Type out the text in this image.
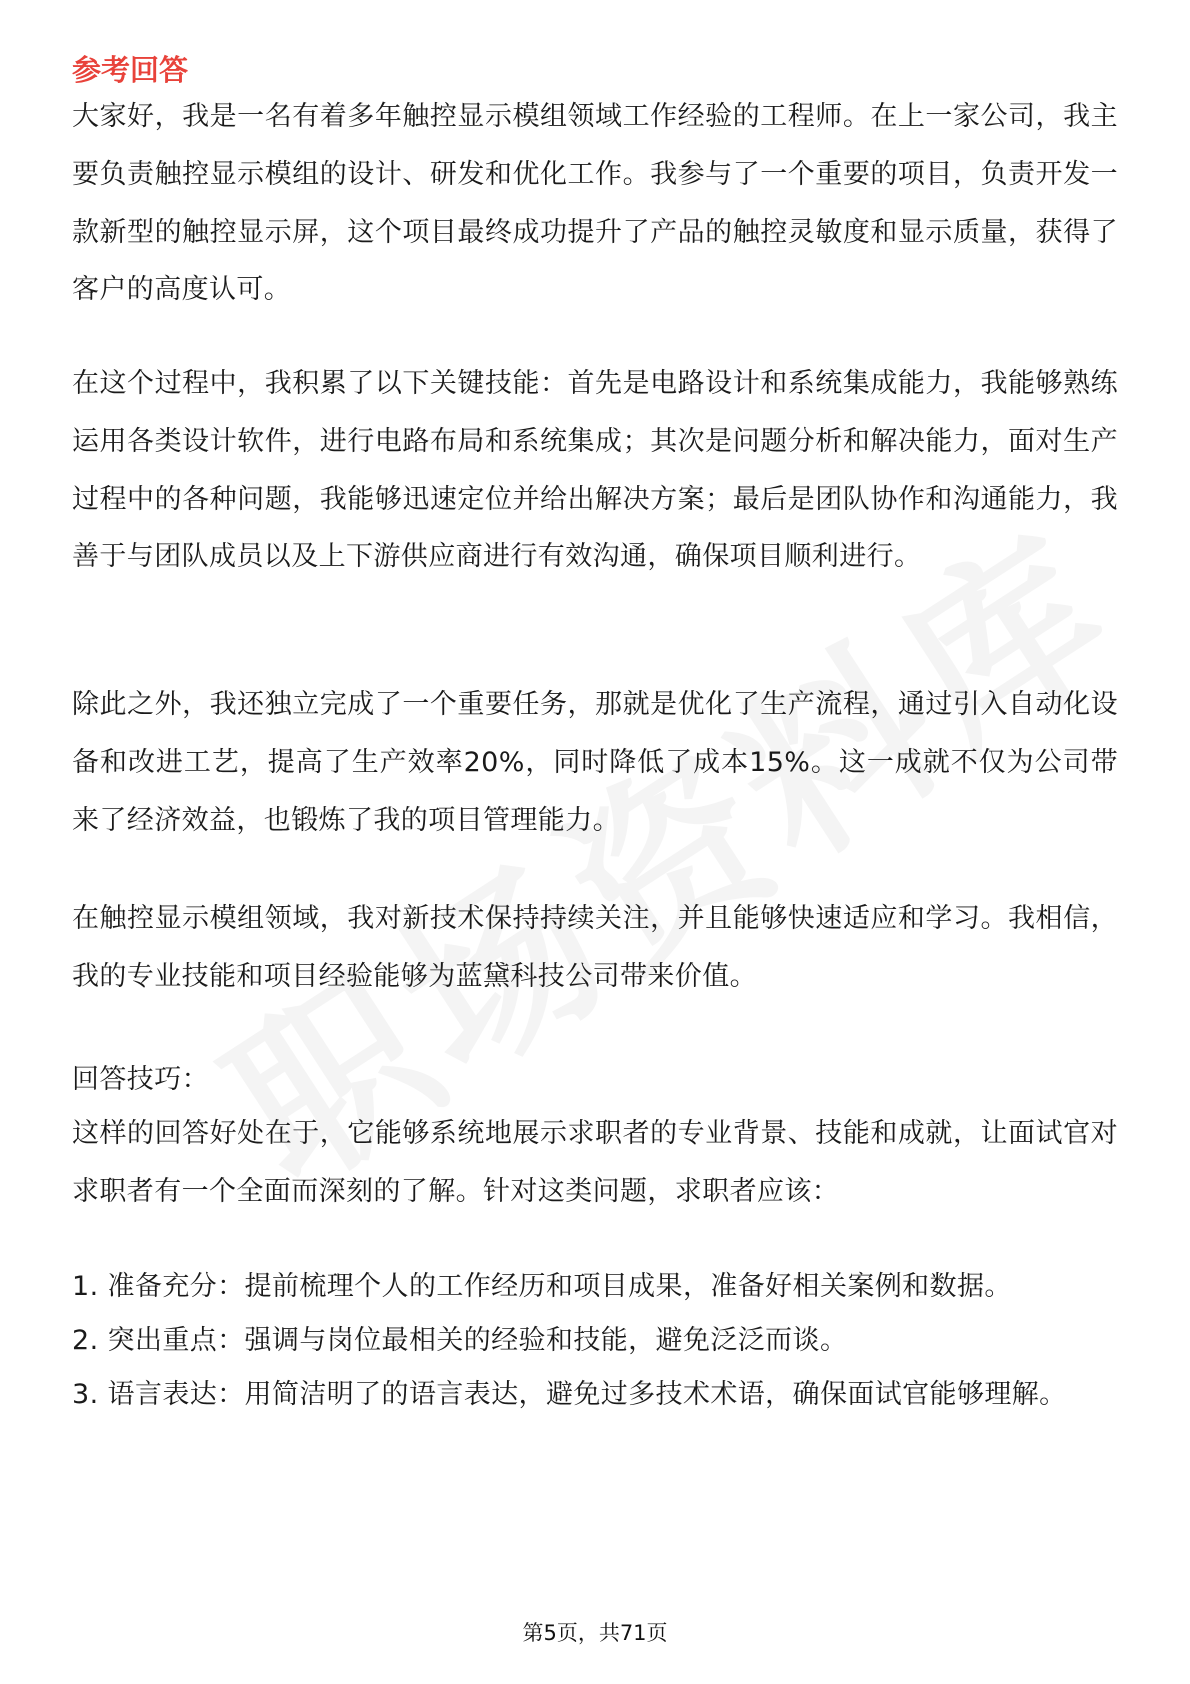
参考回答

大家好，我是一名有着多年触控显示模组领域工作经验的工程师。在上一家公司，我主要负责触控显示模组的设计、研发和优化工作。我参与了一个重要的项目，负责开发一款新型的触控显示屏，这个项目最终成功提升了产品的触控灵敏度和显示质量，获得了客户的高度认可。

在这个过程中，我积累了以下关键技能：首先是电路设计和系统集成能力，我能够熟练运用各类设计软件，进行电路布局和系统集成；其次是问题分析和解决能力，面对生产过程中的各种问题，我能够迅速定位并给出解决方案；最后是团队协作和沟通能力，我善于与团队成员以及上下游供应商进行有效沟通，确保项目顺利进行。

除此之外，我还独立完成了一个重要任务，那就是优化了生产流程，通过引入自动化设备和改进工艺，提高了生产效率20%，同时降低了成本15%。这一成就不仅为公司带来了经济效益，也锻炼了我的项目管理能力。

在触控显示模组领域，我对新技术保持持续关注，并且能够快速适应和学习。我相信，我的专业技能和项目经验能够为蓝黛科技公司带来价值。

回答技巧：

这样的回答好处在于，它能够系统地展示求职者的专业背景、技能和成就，让面试官对求职者有一个全面而深刻的了解。针对这类问题，求职者应该：

1. 准备充分：提前梳理个人的工作经历和项目成果，准备好相关案例和数据。

2. 突出重点：强调与岗位最相关的经验和技能，避免泛泛而谈。

3. 语言表达：用简洁明了的语言表达，避免过多技术术语，确保面试官能够理解。

第5页，共71页
